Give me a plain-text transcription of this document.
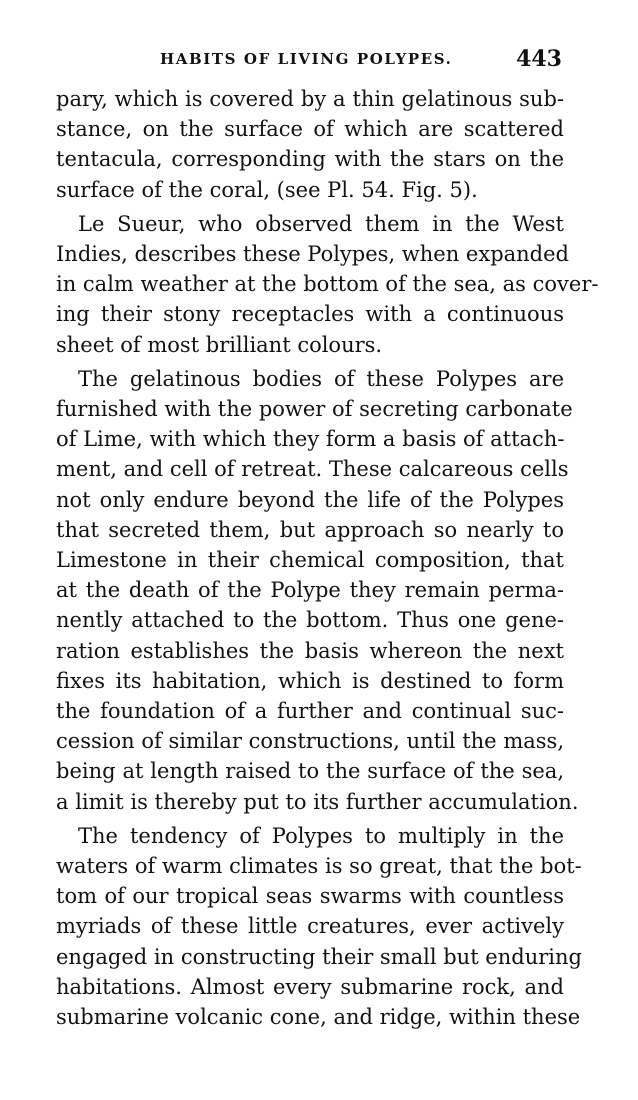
HABITS OF LIVING POLYPES.	443
pary, which is covered by a thin gelatinous sub-
stance, on the surface of which are scattered
tentacula, corresponding with the stars on the
surface of the coral, (see Pl. 54. Fig. 5).
Le Sueur, who observed them in the West
Indies, describes these Polypes, when expanded
in calm weather at the bottom of the sea, as cover-
ing their stony receptacles with a continuous
sheet of most brilliant colours.
The gelatinous bodies of these Polypes are
furnished with the power of secreting carbonate
of Lime, with which they form a basis of attach-
ment, and cell of retreat. These calcareous cells
not only endure beyond the life of the Polypes
that secreted them, but approach so nearly to
Limestone in their chemical composition, that
at the death of the Polype they remain perma-
nently attached to the bottom. Thus one gene-
ration establishes the basis whereon the next
fixes its habitation, which is destined to form
the foundation of a further and continual suc-
cession of similar constructions, until the mass,
being at length raised to the surface of the sea,
a limit is thereby put to its further accumulation.
The tendency of Polypes to multiply in the
waters of warm climates is so great, that the bot-
tom of our tropical seas swarms with countless
myriads of these little creatures, ever actively
engaged in constructing their small but enduring
habitations. Almost every submarine rock, and
submarine volcanic cone, and ridge, within these
